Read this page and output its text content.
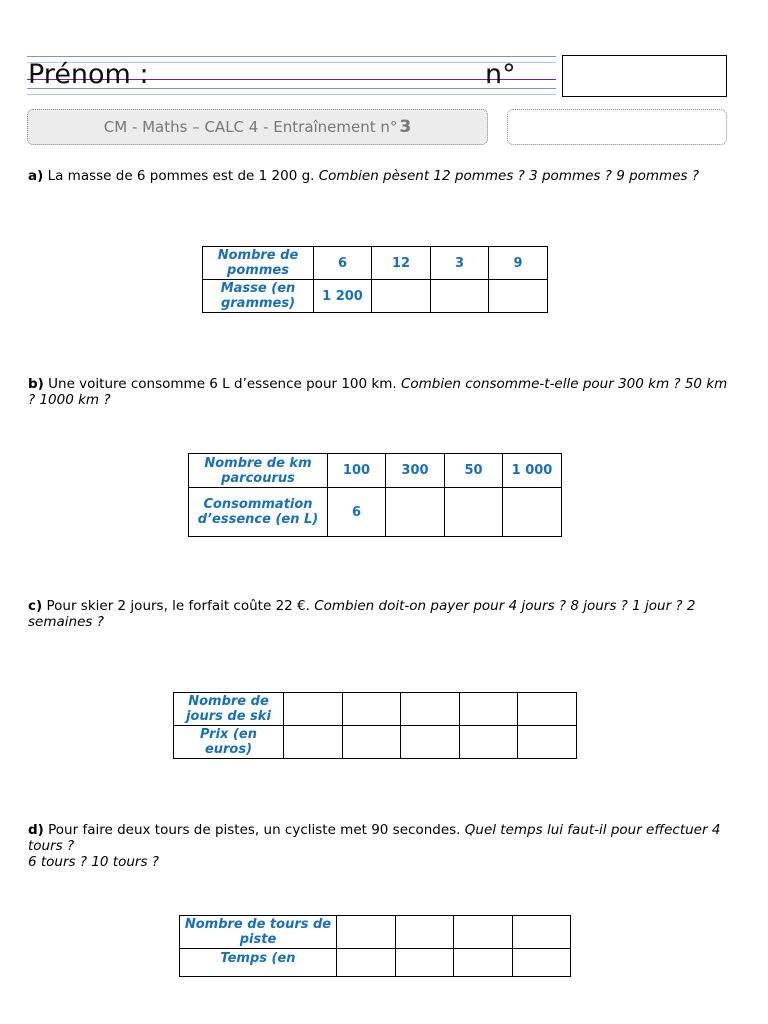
Prénom :	n°
CM - Maths – CALC 4 - Entraînement n° 3
a) La masse de 6 pommes est de 1 200 g. Combien pèsent 12 pommes ? 3 pommes ? 9 pommes ?
Nombre de pommes	6	12	3	9
Masse (en grammes)	1 200			
b) Une voiture consomme 6 L d’essence pour 100 km. Combien consomme-t-elle pour 300 km ? 50 km ? 1000 km ?
Nombre de km parcourus	100	300	50	1 000
Consommation d’essence (en L)	6			
c) Pour skier 2 jours, le forfait coûte 22 €. Combien doit-on payer pour 4 jours ? 8 jours ? 1 jour ? 2 semaines ?
Nombre de jours de ski					
Prix (en euros)					
d) Pour faire deux tours de pistes, un cycliste met 90 secondes. Quel temps lui faut-il pour effectuer 4 tours ?
6 tours ? 10 tours ?
Nombre de tours de piste				
Temps (en				
